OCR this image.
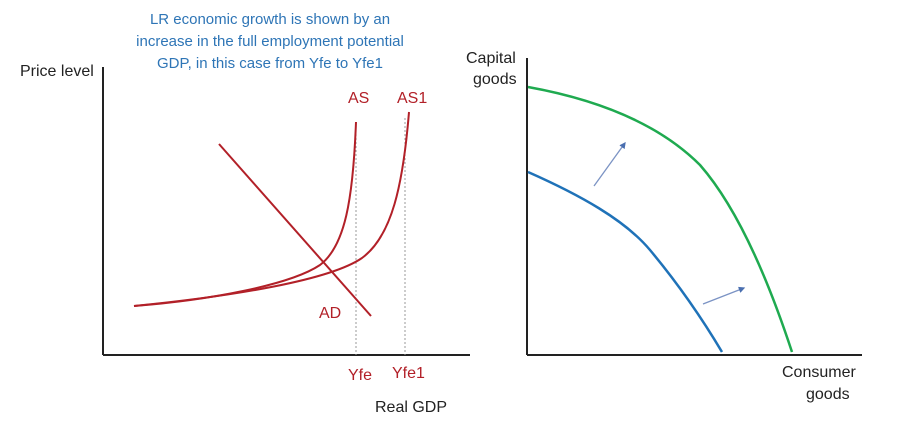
LR economic growth is shown by an
increase in the full employment potential
GDP, in this case from Yfe to Yfe1
Price level
Real GDP
AS AS1
AD
Yfe Yfe1
Capital
goods
Consumer
goods
